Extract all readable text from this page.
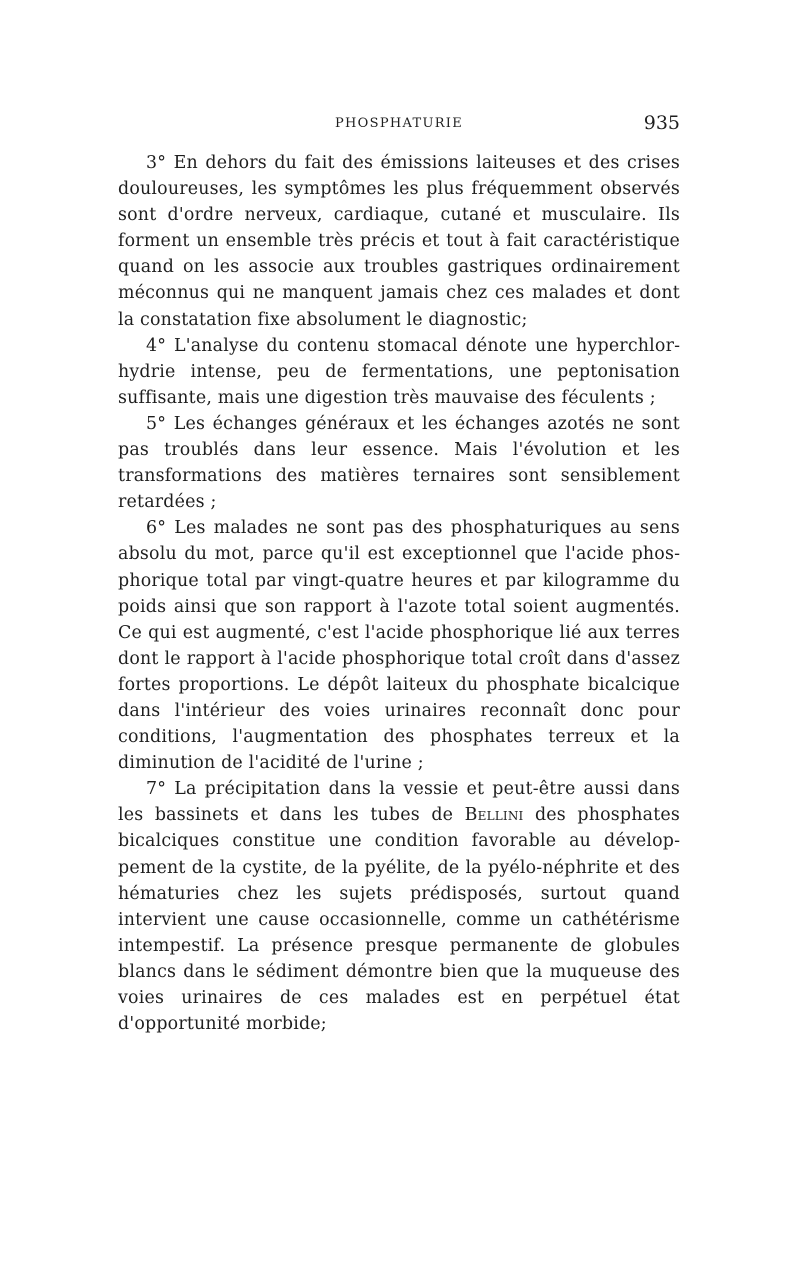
PHOSPHATURIE	935

3° En dehors du fait des émissions laiteuses et des crises douloureuses, les symptômes les plus fréquemment observés sont d'ordre nerveux, cardiaque, cutané et musculaire. Ils forment un ensemble très précis et tout à fait caractéristique quand on les associe aux troubles gastriques ordinairement méconnus qui ne manquent jamais chez ces malades et dont la constatation fixe absolument le diagnostic;

4° L'analyse du contenu stomacal dénote une hyperchlorhydrie intense, peu de fermentations, une peptonisation suffisante, mais une digestion très mauvaise des féculents ;

5° Les échanges généraux et les échanges azotés ne sont pas troublés dans leur essence. Mais l'évolution et les transformations des matières ternaires sont sensiblement retardées ;

6° Les malades ne sont pas des phosphaturiques au sens absolu du mot, parce qu'il est exceptionnel que l'acide phosphorique total par vingt-quatre heures et par kilogramme du poids ainsi que son rapport à l'azote total soient augmentés. Ce qui est augmenté, c'est l'acide phosphorique lié aux terres dont le rapport à l'acide phosphorique total croît dans d'assez fortes proportions. Le dépôt laiteux du phosphate bicalcique dans l'intérieur des voies urinaires reconnaît donc pour conditions, l'augmentation des phosphates terreux et la diminution de l'acidité de l'urine ;

7° La précipitation dans la vessie et peut-être aussi dans les bassinets et dans les tubes de Bellini des phosphates bicalciques constitue une condition favorable au développement de la cystite, de la pyélite, de la pyélo-néphrite et des hématuries chez les sujets prédisposés, surtout quand intervient une cause occasionnelle, comme un cathétérisme intempestif. La présence presque permanente de globules blancs dans le sédiment démontre bien que la muqueuse des voies urinaires de ces malades est en perpétuel état d'opportunité morbide;
